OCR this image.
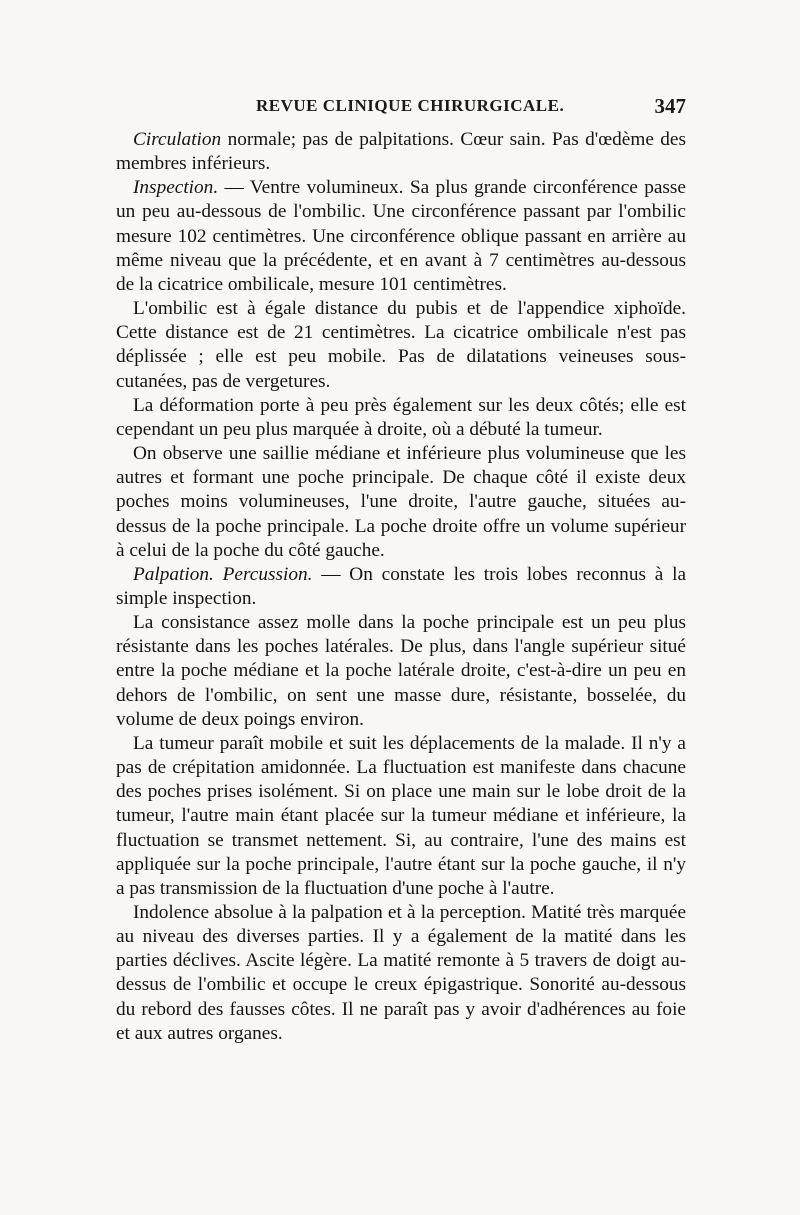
REVUE CLINIQUE CHIRURGICALE.	347

Circulation normale; pas de palpitations. Cœur sain. Pas d'œdème des membres inférieurs.

Inspection. — Ventre volumineux. Sa plus grande circonférence passe un peu au-dessous de l'ombilic. Une circonférence passant par l'ombilic mesure 102 centimètres. Une circonférence oblique passant en arrière au même niveau que la précédente, et en avant à 7 centimètres au-dessous de la cicatrice ombilicale, mesure 101 centimètres.

L'ombilic est à égale distance du pubis et de l'appendice xiphoïde. Cette distance est de 21 centimètres. La cicatrice ombilicale n'est pas déplissée ; elle est peu mobile. Pas de dilatations veineuses sous-cutanées, pas de vergetures.

La déformation porte à peu près également sur les deux côtés; elle est cependant un peu plus marquée à droite, où a débuté la tumeur.

On observe une saillie médiane et inférieure plus volumineuse que les autres et formant une poche principale. De chaque côté il existe deux poches moins volumineuses, l'une droite, l'autre gauche, situées au-dessus de la poche principale. La poche droite offre un volume supérieur à celui de la poche du côté gauche.

Palpation. Percussion. — On constate les trois lobes reconnus à la simple inspection.

La consistance assez molle dans la poche principale est un peu plus résistante dans les poches latérales. De plus, dans l'angle supérieur situé entre la poche médiane et la poche latérale droite, c'est-à-dire un peu en dehors de l'ombilic, on sent une masse dure, résistante, bosselée, du volume de deux poings environ.

La tumeur paraît mobile et suit les déplacements de la malade. Il n'y a pas de crépitation amidonnée. La fluctuation est manifeste dans chacune des poches prises isolément. Si on place une main sur le lobe droit de la tumeur, l'autre main étant placée sur la tumeur médiane et inférieure, la fluctuation se transmet nettement. Si, au contraire, l'une des mains est appliquée sur la poche principale, l'autre étant sur la poche gauche, il n'y a pas transmission de la fluctuation d'une poche à l'autre.

Indolence absolue à la palpation et à la perception. Matité très marquée au niveau des diverses parties. Il y a également de la matité dans les parties déclives. Ascite légère. La matité remonte à 5 travers de doigt au-dessus de l'ombilic et occupe le creux épigastrique. Sonorité au-dessous du rebord des fausses côtes. Il ne paraît pas y avoir d'adhérences au foie et aux autres organes.
